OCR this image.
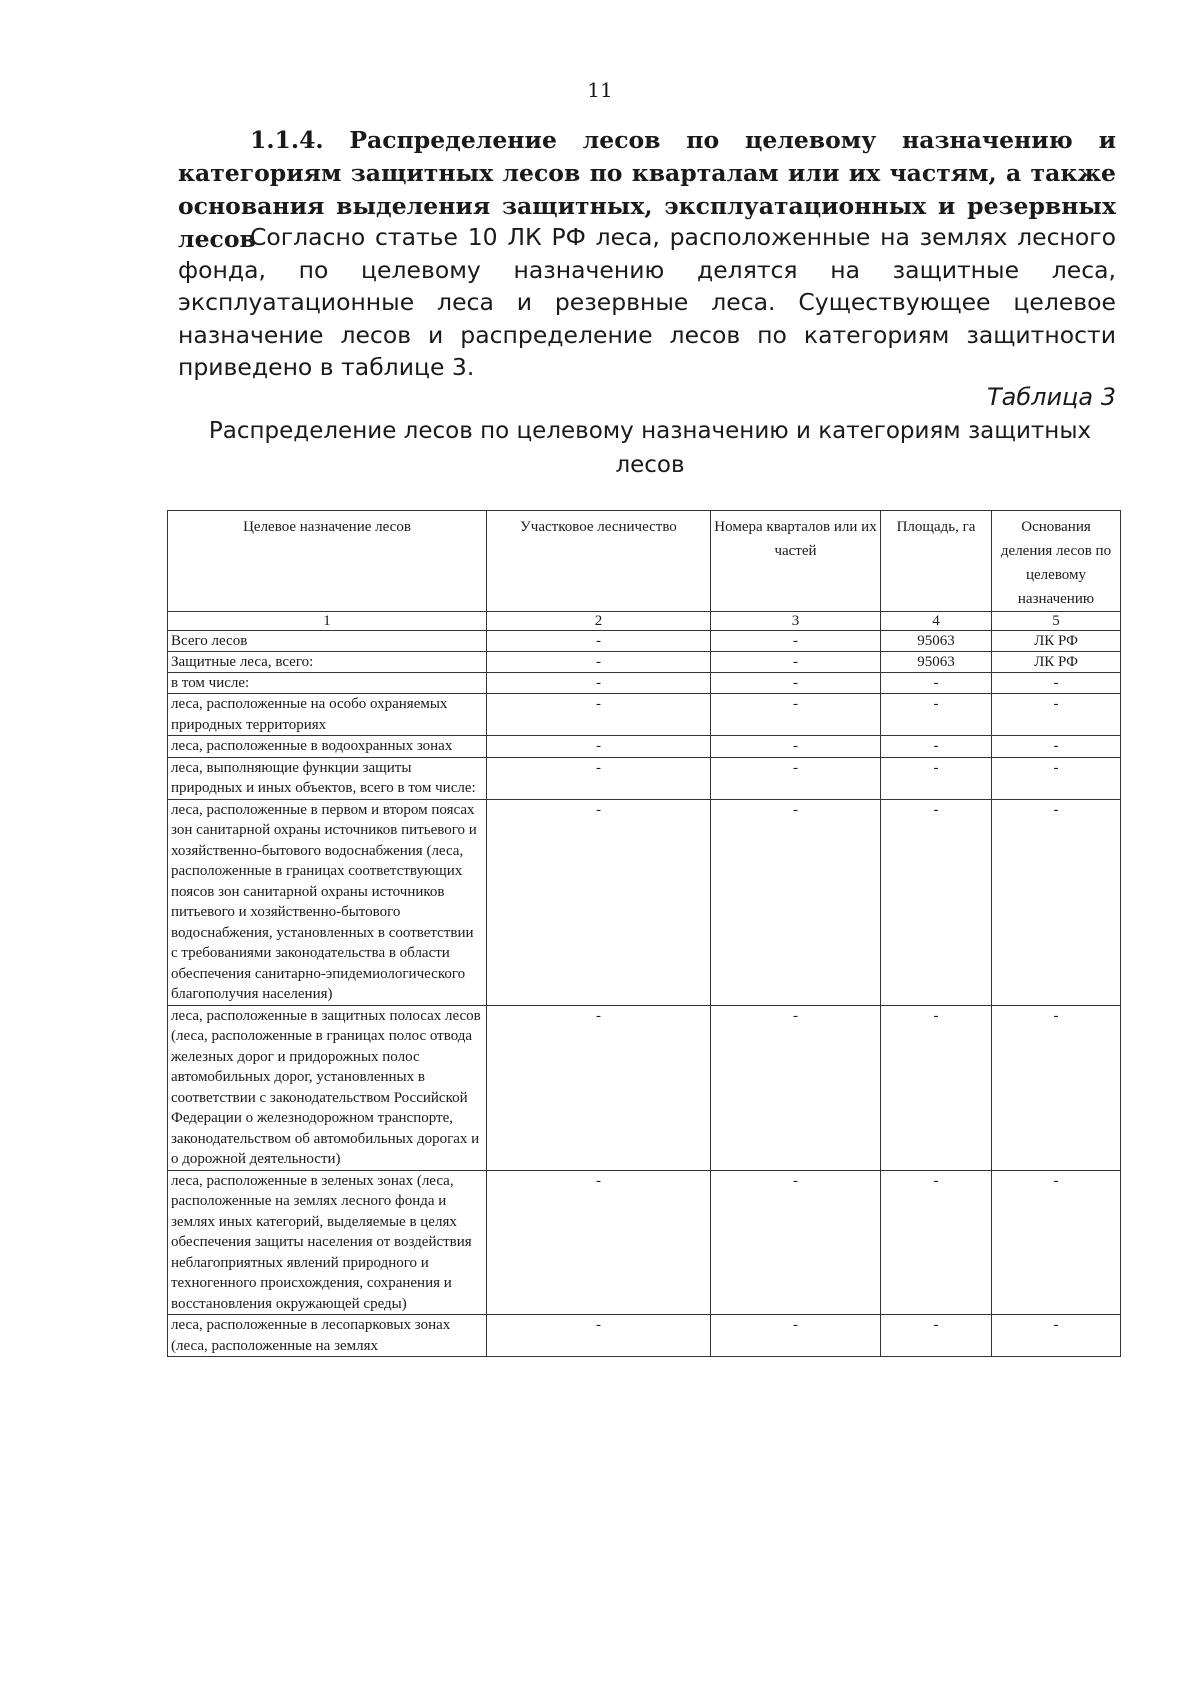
11
1.1.4. Распределение лесов по целевому назначению и категориям защитных лесов по кварталам или их частям, а также основания выделения защитных, эксплуатационных и резервных лесов
Согласно статье 10 ЛК РФ леса, расположенные на землях лесного фонда, по целевому назначению делятся на защитные леса, эксплуатационные леса и резервные леса. Существующее целевое назначение лесов и распределение лесов по категориям защитности приведено в таблице 3.
Таблица 3
Распределение лесов по целевому назначению и категориям защитных лесов
Целевое назначение лесов	Участковое лесничество	Номера кварталов или их частей	Площадь, га	Основания деления лесов по целевому назначению
1	2	3	4	5
Всего лесов	-	-	95063	ЛК РФ
Защитные леса, всего:	-	-	95063	ЛК РФ
в том числе:	-	-	-	-
леса, расположенные на особо охраняемых природных территориях	-	-	-	-
леса, расположенные в водоохранных зонах	-	-	-	-
леса, выполняющие функции защиты природных и иных объектов, всего в том числе:	-	-	-	-
леса, расположенные в первом и втором поясах зон санитарной охраны источников питьевого и хозяйственно-бытового водоснабжения (леса, расположенные в границах соответствующих поясов зон санитарной охраны источников питьевого и хозяйственно-бытового водоснабжения, установленных в соответствии с требованиями законодательства в области обеспечения санитарно-эпидемиологического благополучия населения)	-	-	-	-
леса, расположенные в защитных полосах лесов (леса, расположенные в границах полос отвода железных дорог и придорожных полос автомобильных дорог, установленных в соответствии с законодательством Российской Федерации о железнодорожном транспорте, законодательством об автомобильных дорогах и о дорожной деятельности)	-	-	-	-
леса, расположенные в зеленых зонах (леса, расположенные на землях лесного фонда и землях иных категорий, выделяемые в целях обеспечения защиты населения от воздействия неблагоприятных явлений природного и техногенного происхождения, сохранения и восстановления окружающей среды)	-	-	-	-
леса, расположенные в лесопарковых зонах (леса, расположенные на землях	-	-	-	-
